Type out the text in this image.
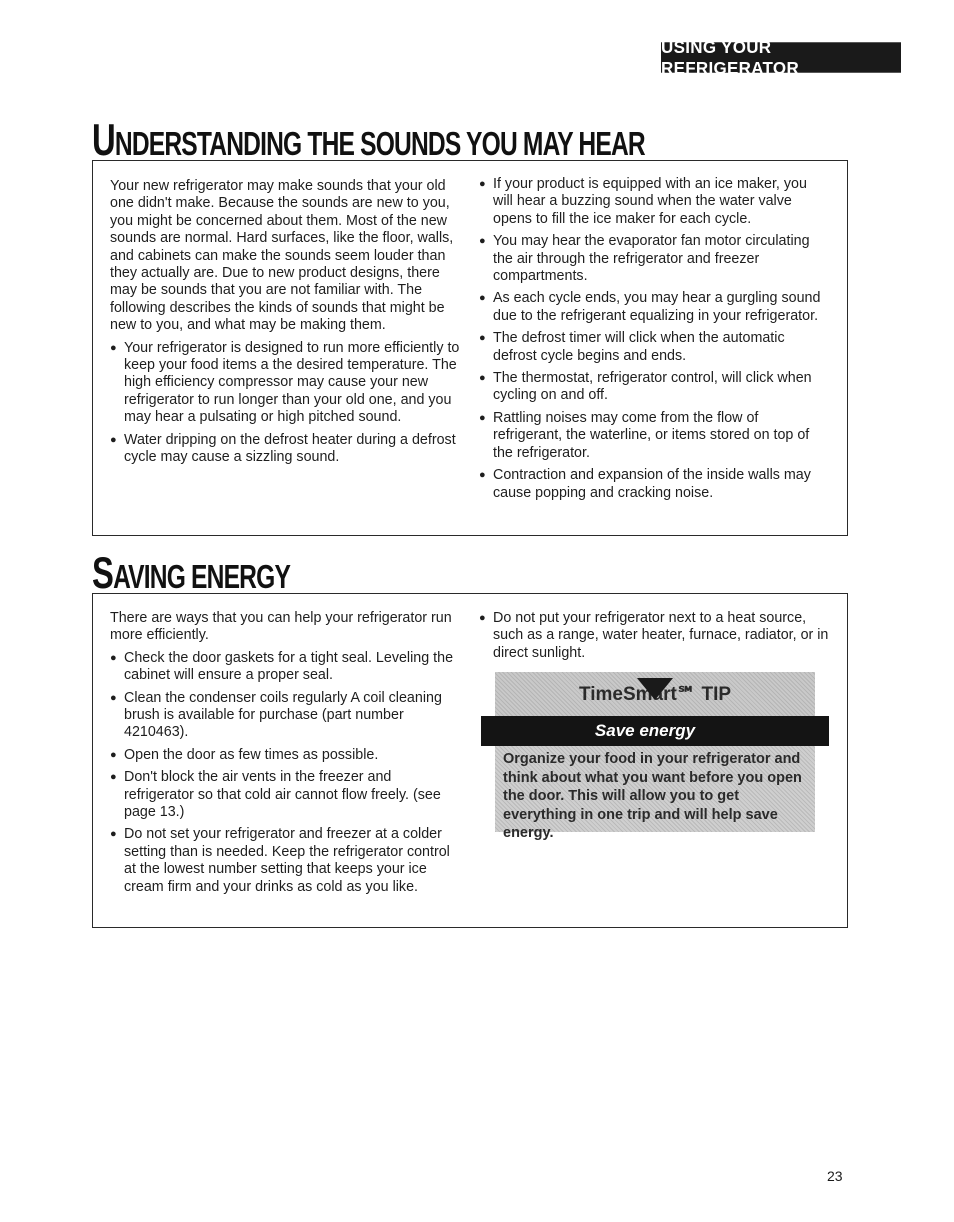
USING YOUR REFRIGERATOR
UNDERSTANDING THE SOUNDS YOU MAY HEAR

Your new refrigerator may make sounds that your old one didn't make. Because the sounds are new to you, you might be concerned about them. Most of the new sounds are normal. Hard surfaces, like the floor, walls, and cabinets can make the sounds seem louder than they actually are. Due to new product designs, there may be sounds that you are not familiar with. The following describes the kinds of sounds that might be new to you, and what may be making them.

● Your refrigerator is designed to run more efficiently to keep your food items a the desired temperature. The high efficiency compressor may cause your new refrigerator to run longer than your old one, and you may hear a pulsating or high pitched sound.
● Water dripping on the defrost heater during a defrost cycle may cause a sizzling sound.
● If your product is equipped with an ice maker, you will hear a buzzing sound when the water valve opens to fill the ice maker for each cycle.
● You may hear the evaporator fan motor circulating the air through the refrigerator and freezer compartments.
● As each cycle ends, you may hear a gurgling sound due to the refrigerant equalizing in your refrigerator.
● The defrost timer will click when the automatic defrost cycle begins and ends.
● The thermostat, refrigerator control, will click when cycling on and off.
● Rattling noises may come from the flow of refrigerant, the waterline, or items stored on top of the refrigerator.
● Contraction and expansion of the inside walls may cause popping and cracking noise.
SAVING ENERGY

There are ways that you can help your refrigerator run more efficiently.

● Check the door gaskets for a tight seal. Leveling the cabinet will ensure a proper seal.
● Clean the condenser coils regularly A coil cleaning brush is available for purchase (part number 4210463).
● Open the door as few times as possible.
● Don't block the air vents in the freezer and refrigerator so that cold air cannot flow freely. (see page 13.)
● Do not set your refrigerator and freezer at a colder setting than is needed. Keep the refrigerator control at the lowest number setting that keeps your ice cream firm and your drinks as cold as you like.
● Do not put your refrigerator next to a heat source, such as a range, water heater, furnace, radiator, or in direct sunlight.
TimeSmart℠ TIP
Save energy
Organize your food in your refrigerator and think about what you want before you open the door. This will allow you to get everything in one trip and will help save energy.
23
